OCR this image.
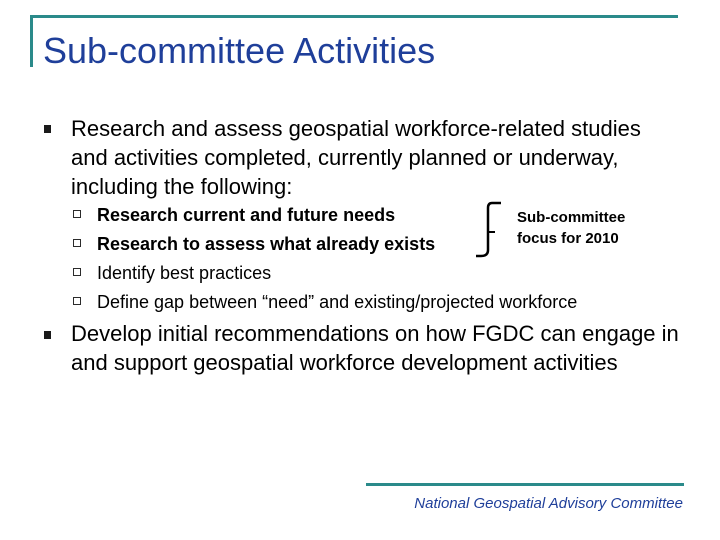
Sub-committee Activities
Research and assess geospatial workforce-related studies and activities completed, currently planned or underway, including the following:
Research current and future needs
Research to assess what already exists
Identify best practices
Define gap between “need” and existing/projected workforce
Sub-committee
focus for 2010
Develop initial recommendations on how FGDC can engage in and support geospatial workforce development activities
National Geospatial Advisory Committee
